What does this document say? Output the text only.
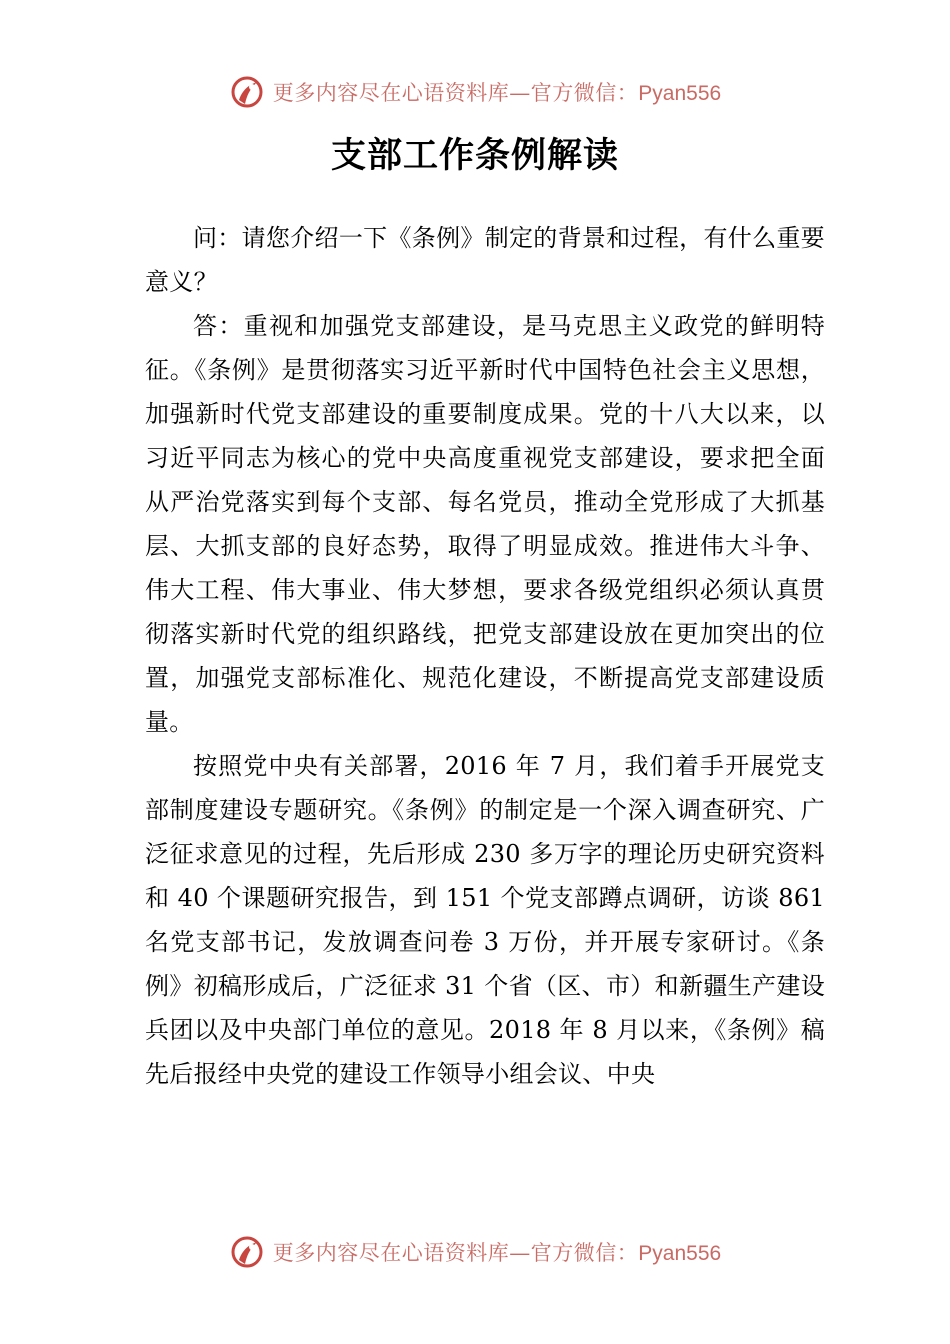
更多内容尽在心语资料库—官方微信：Pyan556
支部工作条例解读

问：请您介绍一下《条例》制定的背景和过程，有什么重要意义？

答：重视和加强党支部建设，是马克思主义政党的鲜明特征。《条例》是贯彻落实习近平新时代中国特色社会主义思想，加强新时代党支部建设的重要制度成果。党的十八大以来，以习近平同志为核心的党中央高度重视党支部建设，要求把全面从严治党落实到每个支部、每名党员，推动全党形成了大抓基层、大抓支部的良好态势，取得了明显成效。推进伟大斗争、伟大工程、伟大事业、伟大梦想，要求各级党组织必须认真贯彻落实新时代党的组织路线，把党支部建设放在更加突出的位置，加强党支部标准化、规范化建设，不断提高党支部建设质量。

按照党中央有关部署，2016 年 7 月，我们着手开展党支部制度建设专题研究。《条例》的制定是一个深入调查研究、广泛征求意见的过程，先后形成 230 多万字的理论历史研究资料和 40 个课题研究报告，到 151 个党支部蹲点调研，访谈 861 名党支部书记，发放调查问卷 3 万份，并开展专家研讨。《条例》初稿形成后，广泛征求 31 个省（区、市）和新疆生产建设兵团以及中央部门单位的意见。2018 年 8 月以来，《条例》稿先后报经中央党的建设工作领导小组会议、中央

更多内容尽在心语资料库—官方微信：Pyan556
